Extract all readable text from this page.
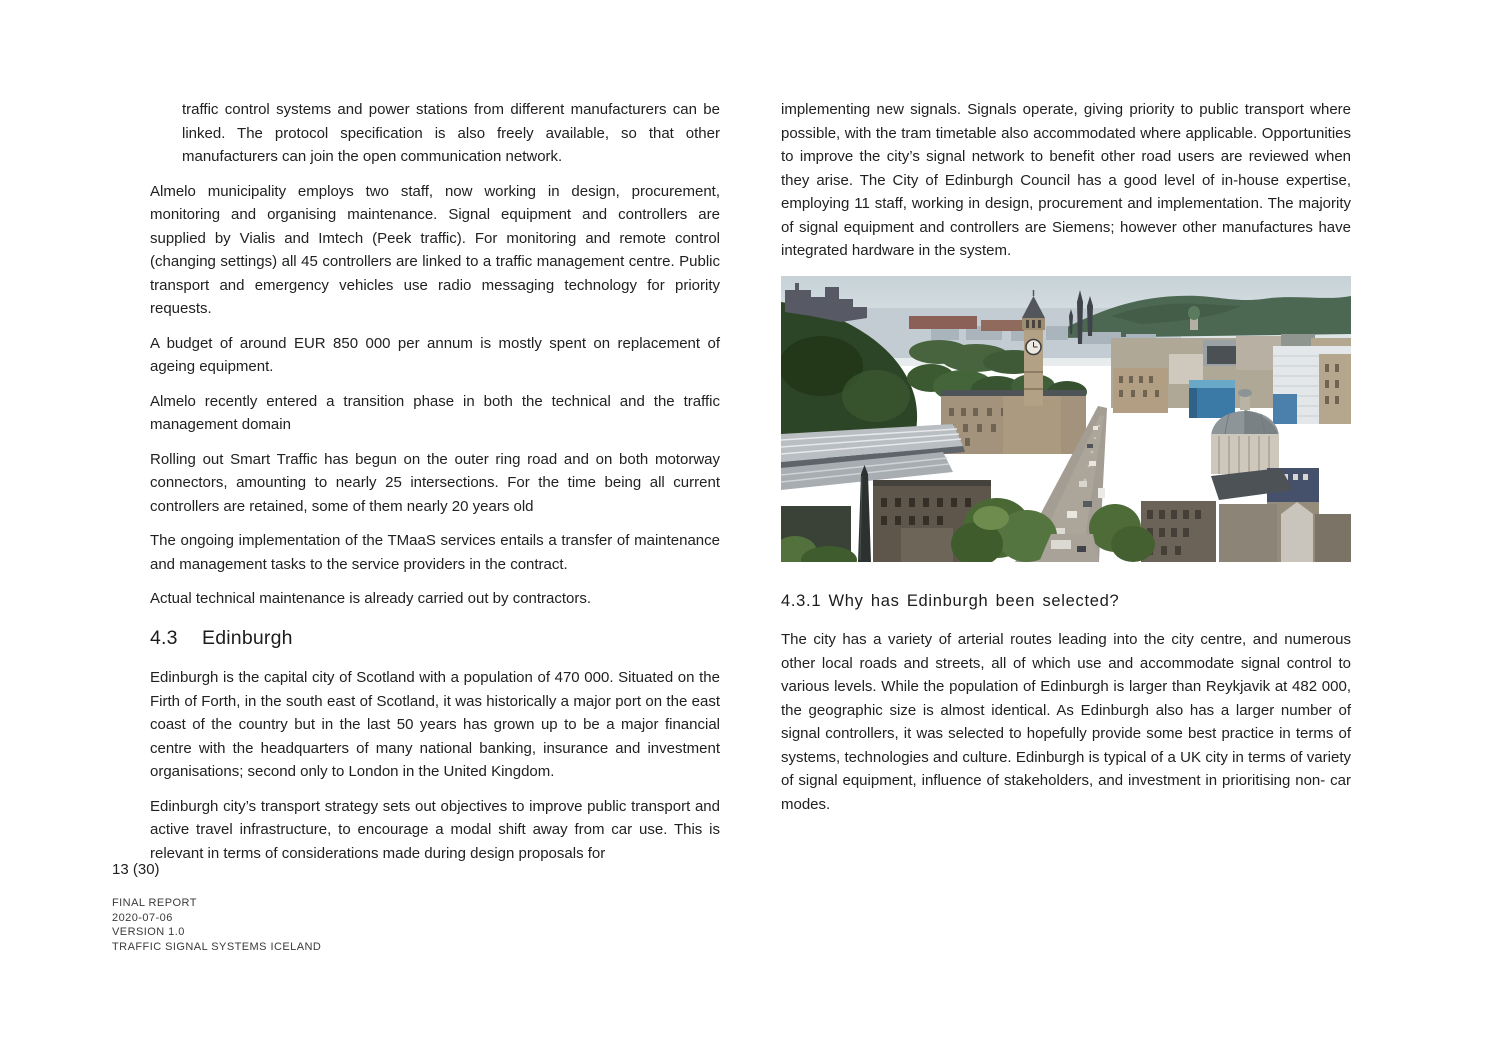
traffic control systems and power stations from different manufacturers can be linked. The protocol specification is also freely available, so that other manufacturers can join the open communication network.

Almelo municipality employs two staff, now working in design, procurement, monitoring and organising maintenance. Signal equipment and controllers are supplied by Vialis and Imtech (Peek traffic). For monitoring and remote control (changing settings) all 45 controllers are linked to a traffic management centre. Public transport and emergency vehicles use radio messaging technology for priority requests.

A budget of around EUR 850 000 per annum is mostly spent on replacement of ageing equipment.

Almelo recently entered a transition phase in both the technical and the traffic management domain

Rolling out Smart Traffic has begun on the outer ring road and on both motorway connectors, amounting to nearly 25 intersections. For the time being all current controllers are retained, some of them nearly 20 years old

The ongoing implementation of the TMaaS services entails a transfer of maintenance and management tasks to the service providers in the contract.

Actual technical maintenance is already carried out by contractors.

4.3 Edinburgh

Edinburgh is the capital city of Scotland with a population of 470 000. Situated on the Firth of Forth, in the south east of Scotland, it was historically a major port on the east coast of the country but in the last 50 years has grown up to be a major financial centre with the headquarters of many national banking, insurance and investment organisations; second only to London in the United Kingdom.

Edinburgh city’s transport strategy sets out objectives to improve public transport and active travel infrastructure, to encourage a modal shift away from car use. This is relevant in terms of considerations made during design proposals for

implementing new signals. Signals operate, giving priority to public transport where possible, with the tram timetable also accommodated where applicable. Opportunities to improve the city’s signal network to benefit other road users are reviewed when they arise. The City of Edinburgh Council has a good level of in-house expertise, employing 11 staff, working in design, procurement and implementation. The majority of signal equipment and controllers are Siemens; however other manufactures have integrated hardware in the system.

4.3.1 Why has Edinburgh been selected?

The city has a variety of arterial routes leading into the city centre, and numerous other local roads and streets, all of which use and accommodate signal control to various levels. While the population of Edinburgh is larger than Reykjavik at 482 000, the geographic size is almost identical. As Edinburgh also has a larger number of signal controllers, it was selected to hopefully provide some best practice in terms of systems, technologies and culture. Edinburgh is typical of a UK city in terms of variety of signal equipment, influence of stakeholders, and investment in prioritising non- car modes.

13 (30)
FINAL REPORT
2020-07-06
VERSION 1.0
TRAFFIC SIGNAL SYSTEMS ICELAND
